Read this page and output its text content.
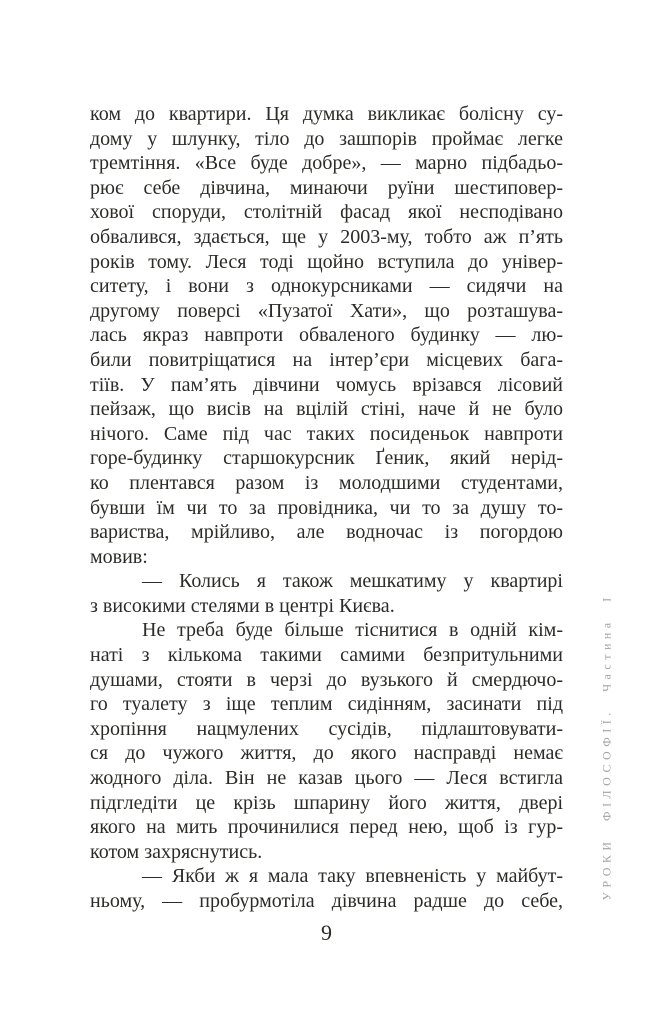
ком до квартири. Ця думка викликає болісну су-
дому у шлунку, тіло до зашпорів проймає легке
тремтіння. «Все буде добре», — марно підбадьо-
рює себе дівчина, минаючи руїни шестиповер-
хової споруди, столітній фасад якої несподівано
обвалився, здається, ще у 2003-му, тобто аж п’ять
років тому. Леся тоді щойно вступила до універ-
ситету, і вони з однокурсниками — сидячи на
другому поверсі «Пузатої Хати», що розташува-
лась якраз навпроти обваленого будинку — лю-
били повитріщатися на інтер’єри місцевих бага-
тіїв. У пам’ять дівчини чомусь врізався лісовий
пейзаж, що висів на вцілій стіні, наче й не було
нічого. Саме під час таких посиденьок навпроти
горе-будинку старшокурсник Ґеник, який нерід-
ко плентався разом із молодшими студентами,
бувши їм чи то за провідника, чи то за душу то-
вариства, мрійливо, але водночас із погордою
мовив:
— Колись я також мешкатиму у квартирі
з високими стелями в центрі Києва.
Не треба буде більше тіснитися в одній кім-
наті з кількома такими самими безпритульними
душами, стояти в черзі до вузького й смердючо-
го туалету з іще теплим сидінням, засинати під
хропіння нацмулених сусідів, підлаштовувати-
ся до чужого життя, до якого насправді немає
жодного діла. Він не казав цього — Леся встигла
підгледіти це крізь шпарину його життя, двері
якого на мить прочинилися перед нею, щоб із гур-
котом захряснутись.
— Якби ж я мала таку впевненість у майбут-
ньому, — пробурмотіла дівчина радше до себе,
УРОКИ ФІЛОСОФІЇ. Частина І
9
